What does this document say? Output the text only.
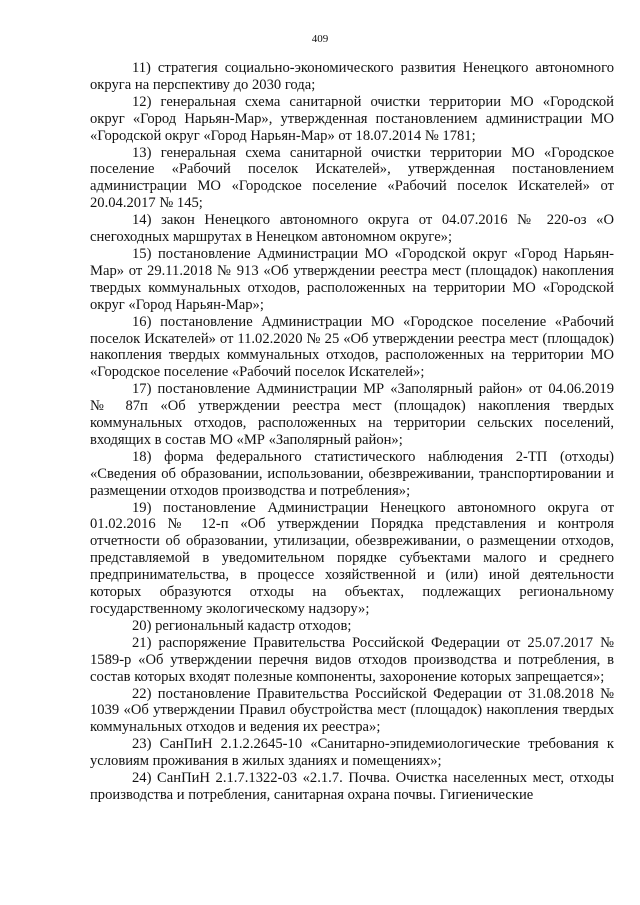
409

11) стратегия социально-экономического развития Ненецкого автономного округа на перспективу до 2030 года;

12) генеральная схема санитарной очистки территории МО «Городской округ «Город Нарьян-Мар», утвержденная постановлением администрации МО «Городской округ «Город Нарьян-Мар» от 18.07.2014 № 1781;

13) генеральная схема санитарной очистки территории МО «Городское поселение «Рабочий поселок Искателей», утвержденная постановлением администрации МО «Городское поселение «Рабочий поселок Искателей» от 20.04.2017 № 145;

14) закон Ненецкого автономного округа от 04.07.2016 № 220-оз «О снегоходных маршрутах в Ненецком автономном округе»;

15) постановление Администрации МО «Городской округ «Город Нарьян-Мар» от 29.11.2018 № 913 «Об утверждении реестра мест (площадок) накопления твердых коммунальных отходов, расположенных на территории МО «Городской округ «Город Нарьян-Мар»;

16) постановление Администрации МО «Городское поселение «Рабочий поселок Искателей» от 11.02.2020 № 25 «Об утверждении реестра мест (площадок) накопления твердых коммунальных отходов, расположенных на территории МО «Городское поселение «Рабочий поселок Искателей»;

17) постановление Администрации МР «Заполярный район» от 04.06.2019 № 87п «Об утверждении реестра мест (площадок) накопления твердых коммунальных отходов, расположенных на территории сельских поселений, входящих в состав МО «МР «Заполярный район»;

18) форма федерального статистического наблюдения 2-ТП (отходы) «Сведения об образовании, использовании, обезвреживании, транспортировании и размещении отходов производства и потребления»;

19) постановление Администрации Ненецкого автономного округа от 01.02.2016 № 12-п «Об утверждении Порядка представления и контроля отчетности об образовании, утилизации, обезвреживании, о размещении отходов, представляемой в уведомительном порядке субъектами малого и среднего предпринимательства, в процессе хозяйственной и (или) иной деятельности которых образуются отходы на объектах, подлежащих региональному государственному экологическому надзору»;

20) региональный кадастр отходов;

21) распоряжение Правительства Российской Федерации от 25.07.2017 № 1589-р «Об утверждении перечня видов отходов производства и потребления, в состав которых входят полезные компоненты, захоронение которых запрещается»;

22) постановление Правительства Российской Федерации от 31.08.2018 № 1039 «Об утверждении Правил обустройства мест (площадок) накопления твердых коммунальных отходов и ведения их реестра»;

23) СанПиН 2.1.2.2645-10 «Санитарно-эпидемиологические требования к условиям проживания в жилых зданиях и помещениях»;

24) СанПиН 2.1.7.1322-03 «2.1.7. Почва. Очистка населенных мест, отходы производства и потребления, санитарная охрана почвы. Гигиенические
